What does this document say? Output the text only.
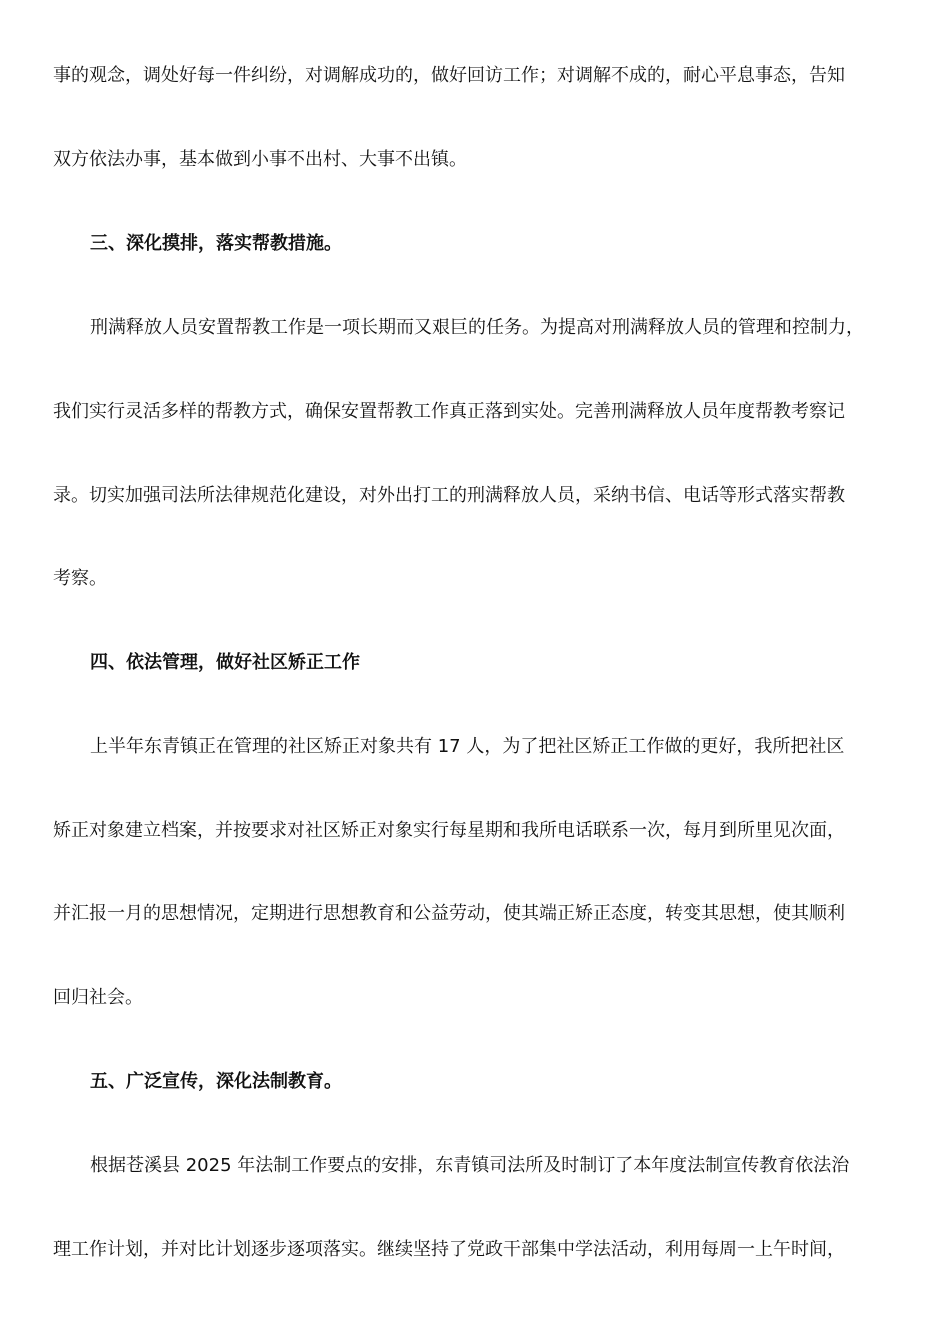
事的观念，调处好每一件纠纷，对调解成功的，做好回访工作；对调解不成的，耐心平息事态，告知
双方依法办事，基本做到小事不出村、大事不出镇。
三、深化摸排，落实帮教措施。
刑满释放人员安置帮教工作是一项长期而又艰巨的任务。为提高对刑满释放人员的管理和控制力，
我们实行灵活多样的帮教方式，确保安置帮教工作真正落到实处。完善刑满释放人员年度帮教考察记
录。切实加强司法所法律规范化建设，对外出打工的刑满释放人员，采纳书信、电话等形式落实帮教
考察。
四、依法管理，做好社区矫正工作
上半年东青镇正在管理的社区矫正对象共有 17 人，为了把社区矫正工作做的更好，我所把社区
矫正对象建立档案，并按要求对社区矫正对象实行每星期和我所电话联系一次，每月到所里见次面，
并汇报一月的思想情况，定期进行思想教育和公益劳动，使其端正矫正态度，转变其思想，使其顺利
回归社会。
五、广泛宣传，深化法制教育。
根据苍溪县 2025 年法制工作要点的安排，东青镇司法所及时制订了本年度法制宣传教育依法治
理工作计划，并对比计划逐步逐项落实。继续坚持了党政干部集中学法活动，利用每周一上午时间，
